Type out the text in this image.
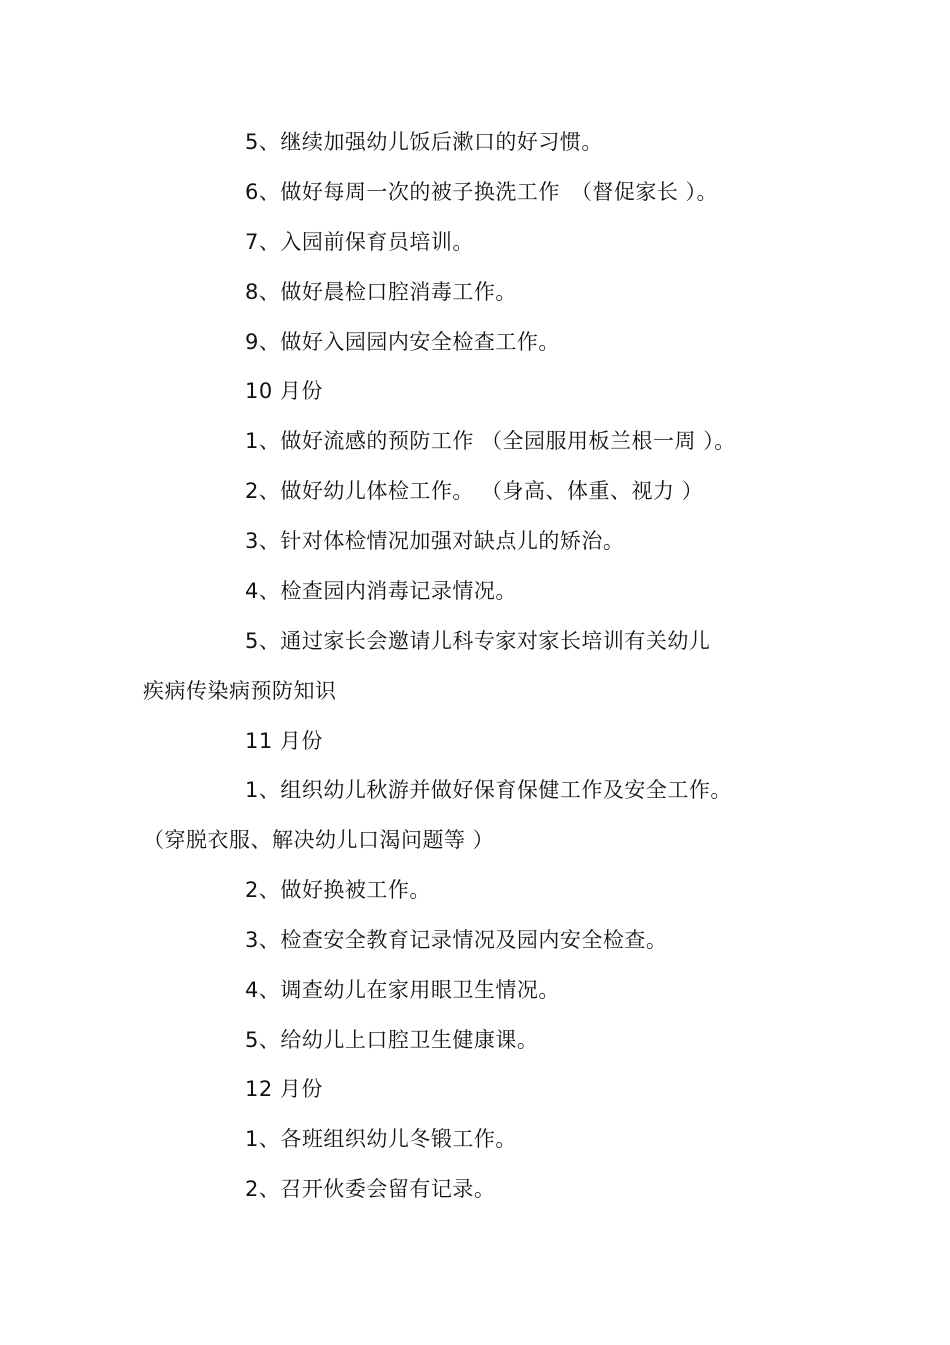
5、继续加强幼儿饭后漱口的好习惯。
6、做好每周一次的被子换洗工作　（督促家长 ）。
7、入园前保育员培训。
8、做好晨检口腔消毒工作。
9、做好入园园内安全检查工作。
10 月份
1、做好流感的预防工作 （全园服用板兰根一周 ）。
2、做好幼儿体检工作。 （身高、体重、视力 ）
3、针对体检情况加强对缺点儿的矫治。
4、检查园内消毒记录情况。
5、通过家长会邀请儿科专家对家长培训有关幼儿
疾病传染病预防知识
11 月份
1、组织幼儿秋游并做好保育保健工作及安全工作。
（穿脱衣服、解决幼儿口渴问题等 ）
2、做好换被工作。
3、检查安全教育记录情况及园内安全检查。
4、调查幼儿在家用眼卫生情况。
5、给幼儿上口腔卫生健康课。
12 月份
1、各班组织幼儿冬锻工作。
2、召开伙委会留有记录。
